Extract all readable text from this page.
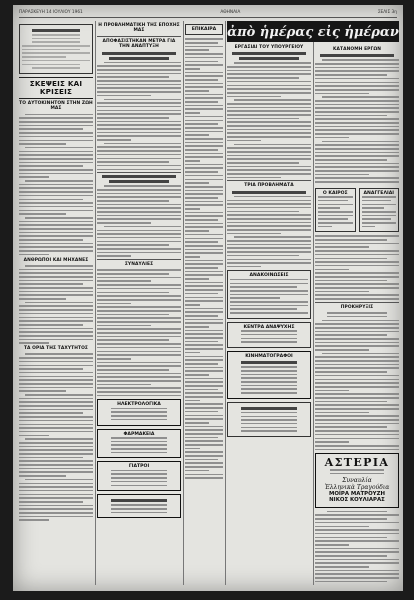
ΠΑΡΑΣΚΕΥΗ 14 ΙΟΥΛΙΟΥ 1961	ΑΘΗΝΑΙΑ	ΣΕΛΙΣ 3η
ΣΚΕΨΕΙΣ ΚΑΙ ΚΡΙΣΕΙΣ
ΤΟ ΑΥΤΟΚΙΝΗΤΟΝ ΣΤΗΝ ΖΩΗ ΜΑΣ
ΑΝΘΡΩΠΟΙ ΚΑΙ ΜΗΧΑΝΕΣ
ΤΑ ΟΡΙΑ ΤΗΣ ΤΑΧΥΤΗΤΟΣ
Η ΠΡΟΒΛΗΜΑΤΙΚΗ ΤΗΣ ΕΠΟΧΗΣ ΜΑΣ
ΑΠΟΦΑΣΙΣΤΗΚΑΝ ΜΕΤΡΑ ΓΙΑ ΤΗΝ ΑΝΑΠΤΥΞΗ
ΣΥΝΑΥΛΙΕΣ
ΗΛΕΚΤΡΟΛΟΓΙΚΑ
ΦΑΡΜΑΚΕΙΑ
ΓΙΑΤΡΟΙ
ΕΠΙΚΑΙΡΑ ἀπὸ ἡμέρας εἰς ἡμέραν
ΕΡΓΑΣΙΑΙ ΤΟΥ ΥΠΟΥΡΓΕΙΟΥ
ΤΡΙΑ ΠΡΟΒΛΗΜΑΤΑ
ΑΝΑΚΟΙΝΩΣΕΙΣ
ΚΕΝΤΡΑ ΑΝΑΨΥΧΗΣ
ΚΙΝΗΜΑΤΟΓΡΑΦΟΙ
ΚΑΤΑΝΟΜΗ ΕΡΓΩΝ
Ο ΚΑΙΡΟΣ	ΑΝΑΓΓΕΛΙΑΙ
ΠΡΟΚΗΡΥΞΙΣ
ΑΣΤΕΡΙΑ
Συναυλία
Ἑλληνικὰ Τραγούδια
ΜΟΙΡΑ ΜΑΤΡΟΥΖΗ
ΝΙΚΟΣ ΚΟΥΛΙΑΡΑΣ
